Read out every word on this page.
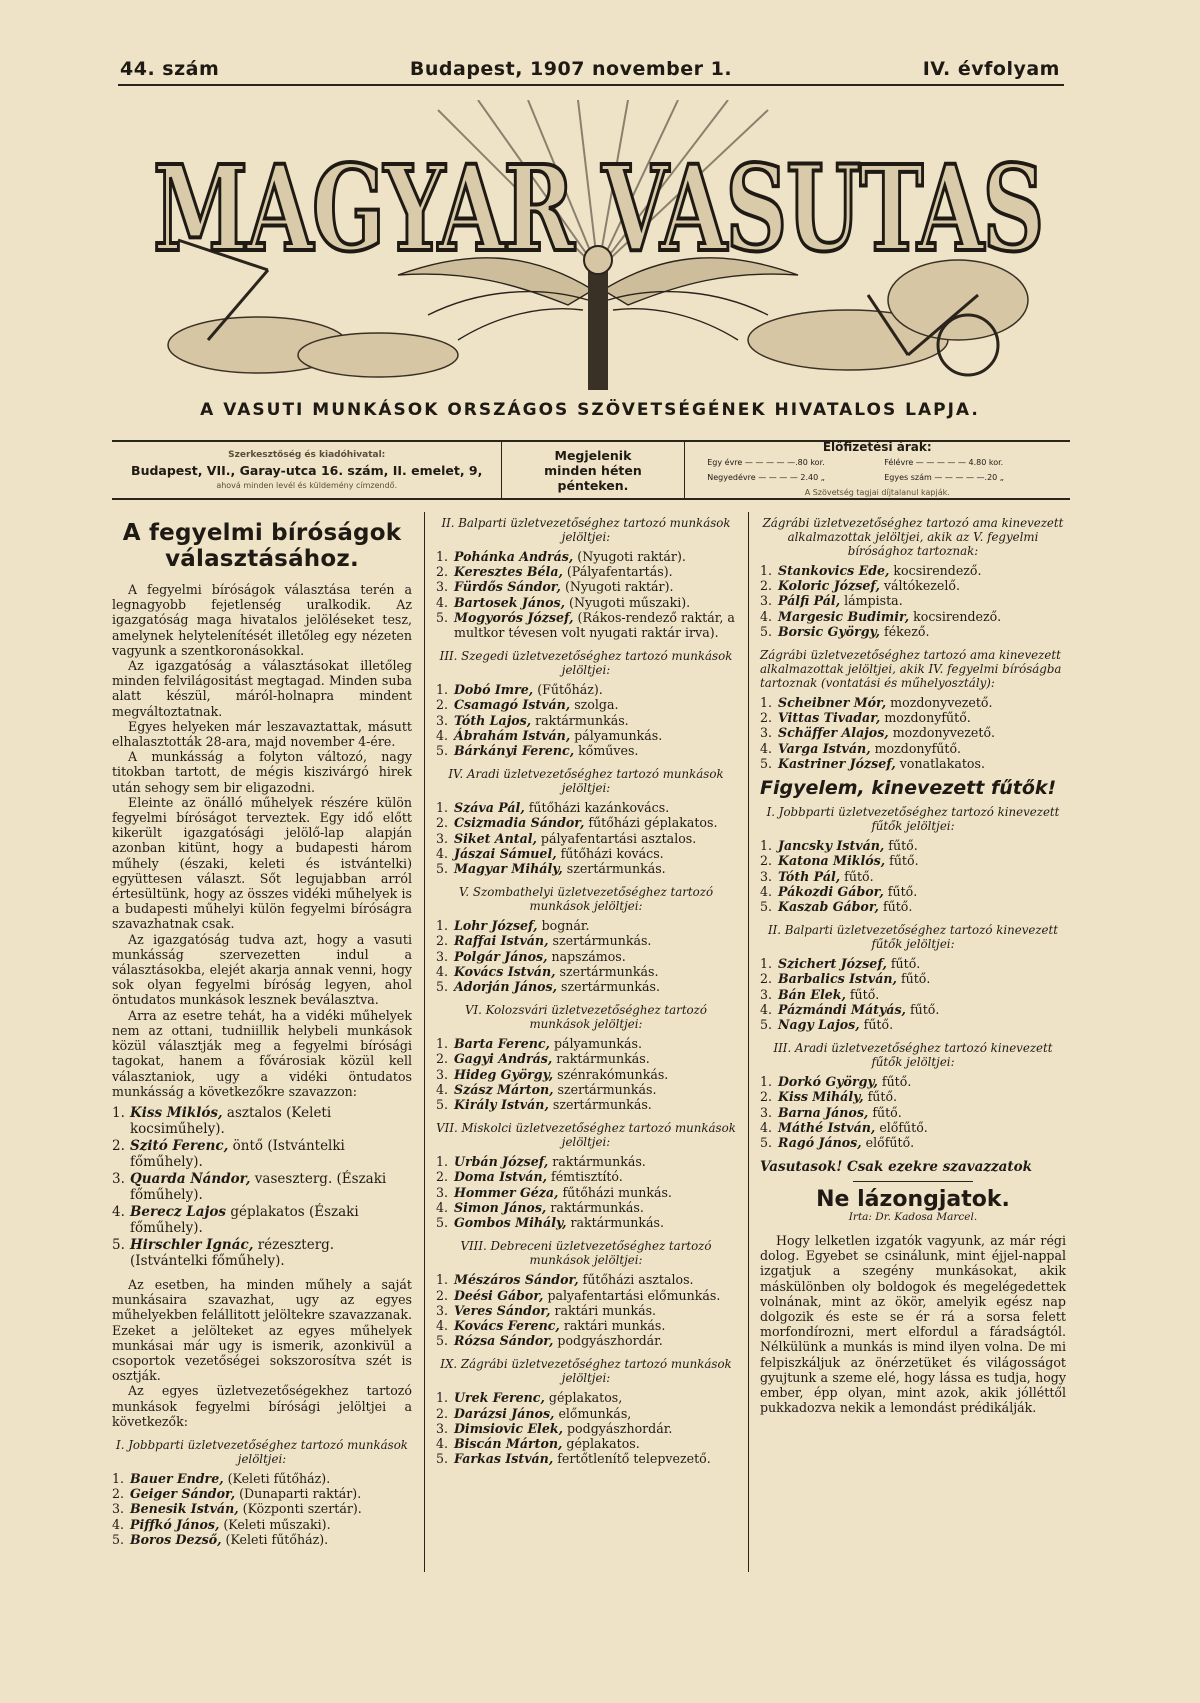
44. szám	Budapest, 1907 november 1.	IV. évfolyam
MAGYAR VASUTAS
A VASUTI MUNKÁSOK ORSZÁGOS SZÖVETSÉGÉNEK HIVATALOS LAPJA.
Szerkesztőség és kiadóhivatal:
Budapest, VII., Garay-utca 16. szám, II. emelet, 9,
ahová minden levél és küldemény címzendő.
Megjelenik
minden héten
pénteken.
Előfizetési árak:
Egy évre — — — — —.80 kor.	Félévre — — — — — 4.80 kor.
Negyedévre — — — — 2.40 „	Egyes szám — — — — —.20 „
A Szövetség tagjai díjtalanul kapják.
A fegyelmi bíróságok választásához.

A fegyelmi bíróságok választása terén a legnagyobb fejetlenség uralkodik. Az igazgatóság maga hivatalos jelöléseket tesz, amelynek helytelenítését illetőleg egy nézeten vagyunk a szentkoronásokkal.

Az igazgatóság a választásokat illetőleg minden felvilágositást megtagad. Minden suba alatt készül, máról-holnapra mindent megváltoztatnak.

Egyes helyeken már leszavaztattak, másutt elhalasztották 28-ara, majd november 4-ére.

A munkásság a folyton változó, nagy titokban tartott, de mégis kiszivárgó hirek után sehogy sem bir eligazodni.

Eleinte az önálló műhelyek részére külön fegyelmi bíróságot terveztek. Egy idő előtt kikerült igazgatósági jelölő-lap alapján azonban kitünt, hogy a budapesti három műhely (északi, keleti és istvántelki) együttesen választ. Sőt legujabban arról értesültünk, hogy az összes vidéki műhelyek is a budapesti műhelyi külön fegyelmi bíróságra szavazhatnak csak.

Az igazgatóság tudva azt, hogy a vasuti munkásság szervezetten indul a választásokba, elejét akarja annak venni, hogy sok olyan fegyelmi bíróság legyen, ahol öntudatos munkások lesznek beválasztva.

Arra az esetre tehát, ha a vidéki műhelyek nem az ottani, tudniillik helybeli munkások közül választják meg a fegyelmi bírósági tagokat, hanem a fővárosiak közül kell választaniok, ugy a vidéki öntudatos munkásság a következőkre szavazzon:

1. Kiss Miklós, asztalos (Keleti kocsiműhely).
2. Szitó Ferenc, öntő (Istvántelki főműhely).
3. Quarda Nándor, vaseszterg. (Északi főműhely).
4. Berecz Lajos géplakatos (Északi főműhely).
5. Hirschler Ignác, rézeszterg. (Istvántelki főműhely).

Az esetben, ha minden műhely a saját munkásaira szavazhat, ugy az egyes műhelyekben felállitott jelöltekre szavazzanak. Ezeket a jelölteket az egyes műhelyek munkásai már ugy is ismerik, azonkivül a csoportok vezetőségei sokszorosítva szét is osztják.

Az egyes üzletvezetőségekhez tartozó munkások fegyelmi bírósági jelöltjei a következők:

I. Jobbparti üzletvezetőséghez tartozó munkások jelöltjei:
1. Bauer Endre, (Keleti fűtőház).
2. Geiger Sándor, (Dunaparti raktár).
3. Benesik István, (Központi szertár).
4. Piffkó János, (Keleti műszaki).
5. Boros Dezső, (Keleti fűtőház).
II. Balparti üzletvezetőséghez tartozó munkások jelöltjei:
1. Pohánka András, (Nyugoti raktár).
2. Keresztes Béla, (Pályafentartás).
3. Fürdős Sándor, (Nyugoti raktár).
4. Bartosek János, (Nyugoti műszaki).
5. Mogyorós József, (Rákos-rendező raktár, a multkor tévesen volt nyugati raktár irva).
III. Szegedi üzletvezetőséghez tartozó munkások jelöltjei:
1. Dobó Imre, (Fűtőház).
2. Csamagó István, szolga.
3. Tóth Lajos, raktármunkás.
4. Ábrahám István, pályamunkás.
5. Bárkányi Ferenc, kőműves.
IV. Aradi üzletvezetőséghez tartozó munkások jelöltjei:
1. Száva Pál, fűtőházi kazánkovács.
2. Csizmadia Sándor, fűtőházi géplakatos.
3. Siket Antal, pályafentartási asztalos.
4. Jászai Sámuel, fűtőházi kovács.
5. Magyar Mihály, szertármunkás.
V. Szombathelyi üzletvezetőséghez tartozó munkások jelöltjei:
1. Lohr József, bognár.
2. Raffai István, szertármunkás.
3. Polgár János, napszámos.
4. Kovács István, szertármunkás.
5. Adorján János, szertármunkás.
VI. Kolozsvári üzletvezetőséghez tartozó munkások jelöltjei:
1. Barta Ferenc, pályamunkás.
2. Gagyi András, raktármunkás.
3. Hideg György, szénrakómunkás.
4. Szász Márton, szertármunkás.
5. Király István, szertármunkás.
VII. Miskolci üzletvezetőséghez tartozó munkások jelöltjei:
1. Urbán József, raktármunkás.
2. Doma István, fémtisztító.
3. Hommer Géza, fűtőházi munkás.
4. Simon János, raktármunkás.
5. Gombos Mihály, raktármunkás.
VIII. Debreceni üzletvezetőséghez tartozó munkások jelöltjei:
1. Mészáros Sándor, fűtőházi asztalos.
2. Deési Gábor, palyafentartási előmunkás.
3. Veres Sándor, raktári munkás.
4. Kovács Ferenc, raktári munkás.
5. Rózsa Sándor, podgyászhordár.
IX. Zágrábi üzletvezetőséghez tartozó munkások jelöltjei:
1. Urek Ferenc, géplakatos,
2. Darázsi János, előmunkás,
3. Dimsiovic Elek, podgyászhordár.
4. Biscán Márton, géplakatos.
5. Farkas István, fertőtlenítő telepvezető.
Zágrábi üzletvezetőséghez tartozó ama kinevezett alkalmazottak jelöltjei, akik az V. fegyelmi bírósághoz tartoznak:
1. Stankovics Ede, kocsirendező.
2. Koloric József, váltókezelő.
3. Pálfi Pál, lámpista.
4. Margesic Budimir, kocsirendező.
5. Borsic György, fékező.
Zágrábi üzletvezetőséghez tartozó ama kinevezett alkalmazottak jelöltjei, akik IV. fegyelmi bíróságba tartoznak (vontatási és műhelyosztály):
1. Scheibner Mór, mozdonyvezető.
2. Vittas Tivadar, mozdonyfűtő.
3. Schäffer Alajos, mozdonyvezető.
4. Varga István, mozdonyfűtő.
5. Kastriner József, vonatlakatos.
Figyelem, kinevezett fűtők!
I. Jobbparti üzletvezetőséghez tartozó kinevezett fűtők jelöltjei:
1. Jancsky István, fűtő.
2. Katona Miklós, fűtő.
3. Tóth Pál, fűtő.
4. Pákozdi Gábor, fűtő.
5. Kaszab Gábor, fűtő.
II. Balparti üzletvezetőséghez tartozó kinevezett fűtők jelöltjei:
1. Szichert József, fűtő.
2. Barbalics István, fűtő.
3. Bán Elek, fűtő.
4. Pázmándi Mátyás, fűtő.
5. Nagy Lajos, fűtő.
III. Aradi üzletvezetőséghez tartozó kinevezett fűtők jelöltjei:
1. Dorkó György, fűtő.
2. Kiss Mihály, fűtő.
3. Barna János, fűtő.
4. Máthé István, előfűtő.
5. Ragó János, előfűtő.
Vasutasok! Csak ezekre szavazzatok
Ne lázongjatok.
Irta: Dr. Kadosa Marcel.

Hogy lelketlen izgatók vagyunk, az már régi dolog. Egyebet se csinálunk, mint éjjel-nappal izgatjuk a szegény munkásokat, akik máskülönben oly boldogok és megelégedettek volnának, mint az ökör, amelyik egész nap dolgozik és este se ér rá a sorsa felett morfondírozni, mert elfordul a fáradságtól. Nélkülünk a munkás is mind ilyen volna. De mi felpiszkáljuk az önérzetüket és világosságot gyujtunk a szeme elé, hogy lássa es tudja, hogy ember, épp olyan, mint azok, akik jólléttől pukkadozva nekik a lemondást prédikálják.
